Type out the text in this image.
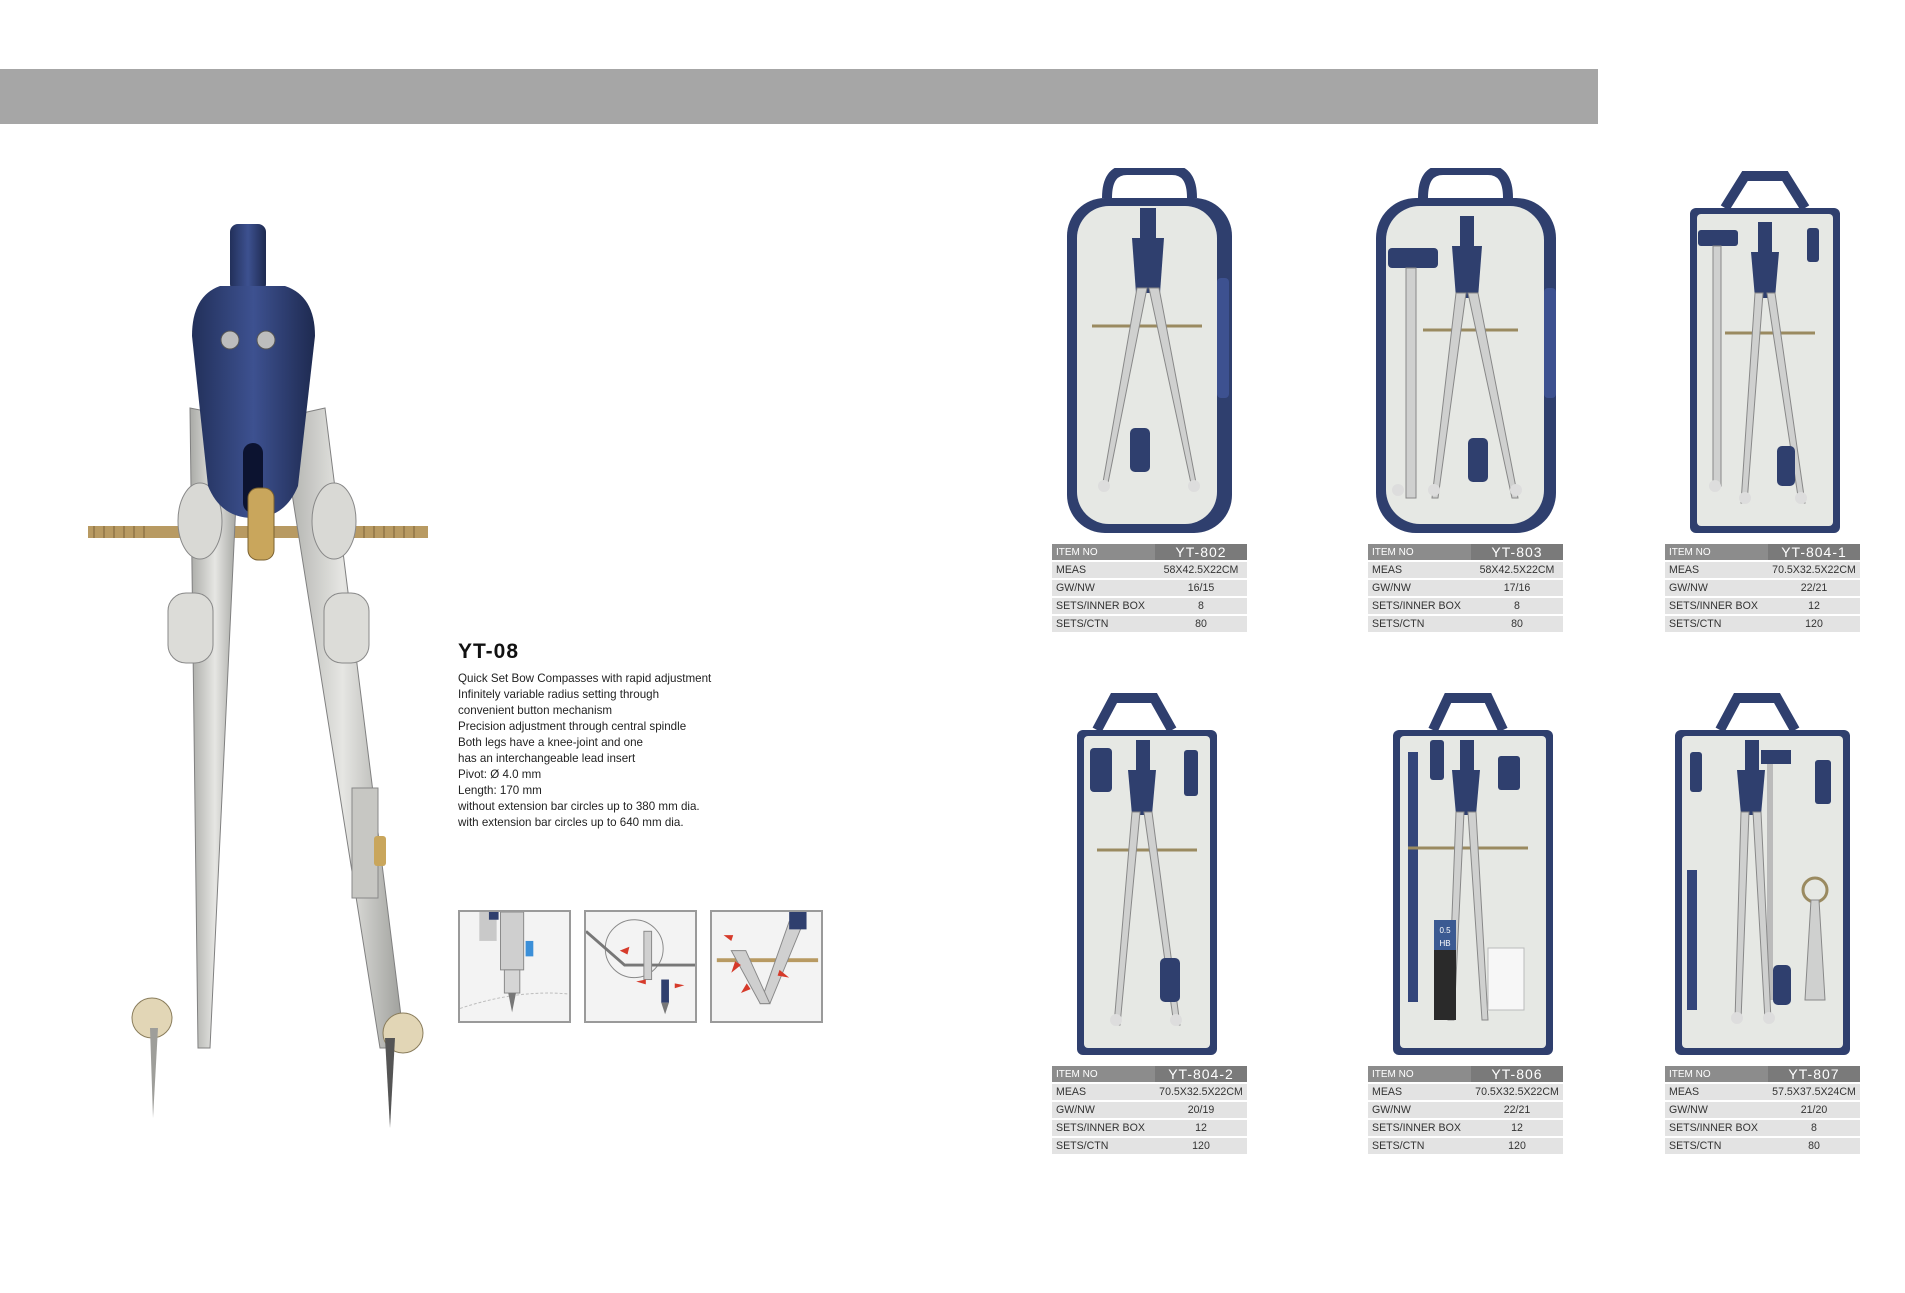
YT-08
Quick Set Bow Compasses with rapid adjustment
Infinitely variable radius setting through
convenient button mechanism
Precision adjustment through central spindle
Both legs have a knee-joint and one
has an interchangeable lead insert
Pivot: Ø 4.0 mm
Length: 170 mm
without extension bar circles up to 380 mm dia.
with extension bar circles up to 640 mm dia.
ITEM NO	YT-802
MEAS	58X42.5X22CM
GW/NW	16/15
SETS/INNER BOX	8
SETS/CTN	80
ITEM NO	YT-803
MEAS	58X42.5X22CM
GW/NW	17/16
SETS/INNER BOX	8
SETS/CTN	80
ITEM NO	YT-804-1
MEAS	70.5X32.5X22CM
GW/NW	22/21
SETS/INNER BOX	12
SETS/CTN	120
ITEM NO	YT-804-2
MEAS	70.5X32.5X22CM
GW/NW	20/19
SETS/INNER BOX	12
SETS/CTN	120
0.5
HB
ITEM NO	YT-806
MEAS	70.5X32.5X22CM
GW/NW	22/21
SETS/INNER BOX	12
SETS/CTN	120
ITEM NO	YT-807
MEAS	57.5X37.5X24CM
GW/NW	21/20
SETS/INNER BOX	8
SETS/CTN	80
